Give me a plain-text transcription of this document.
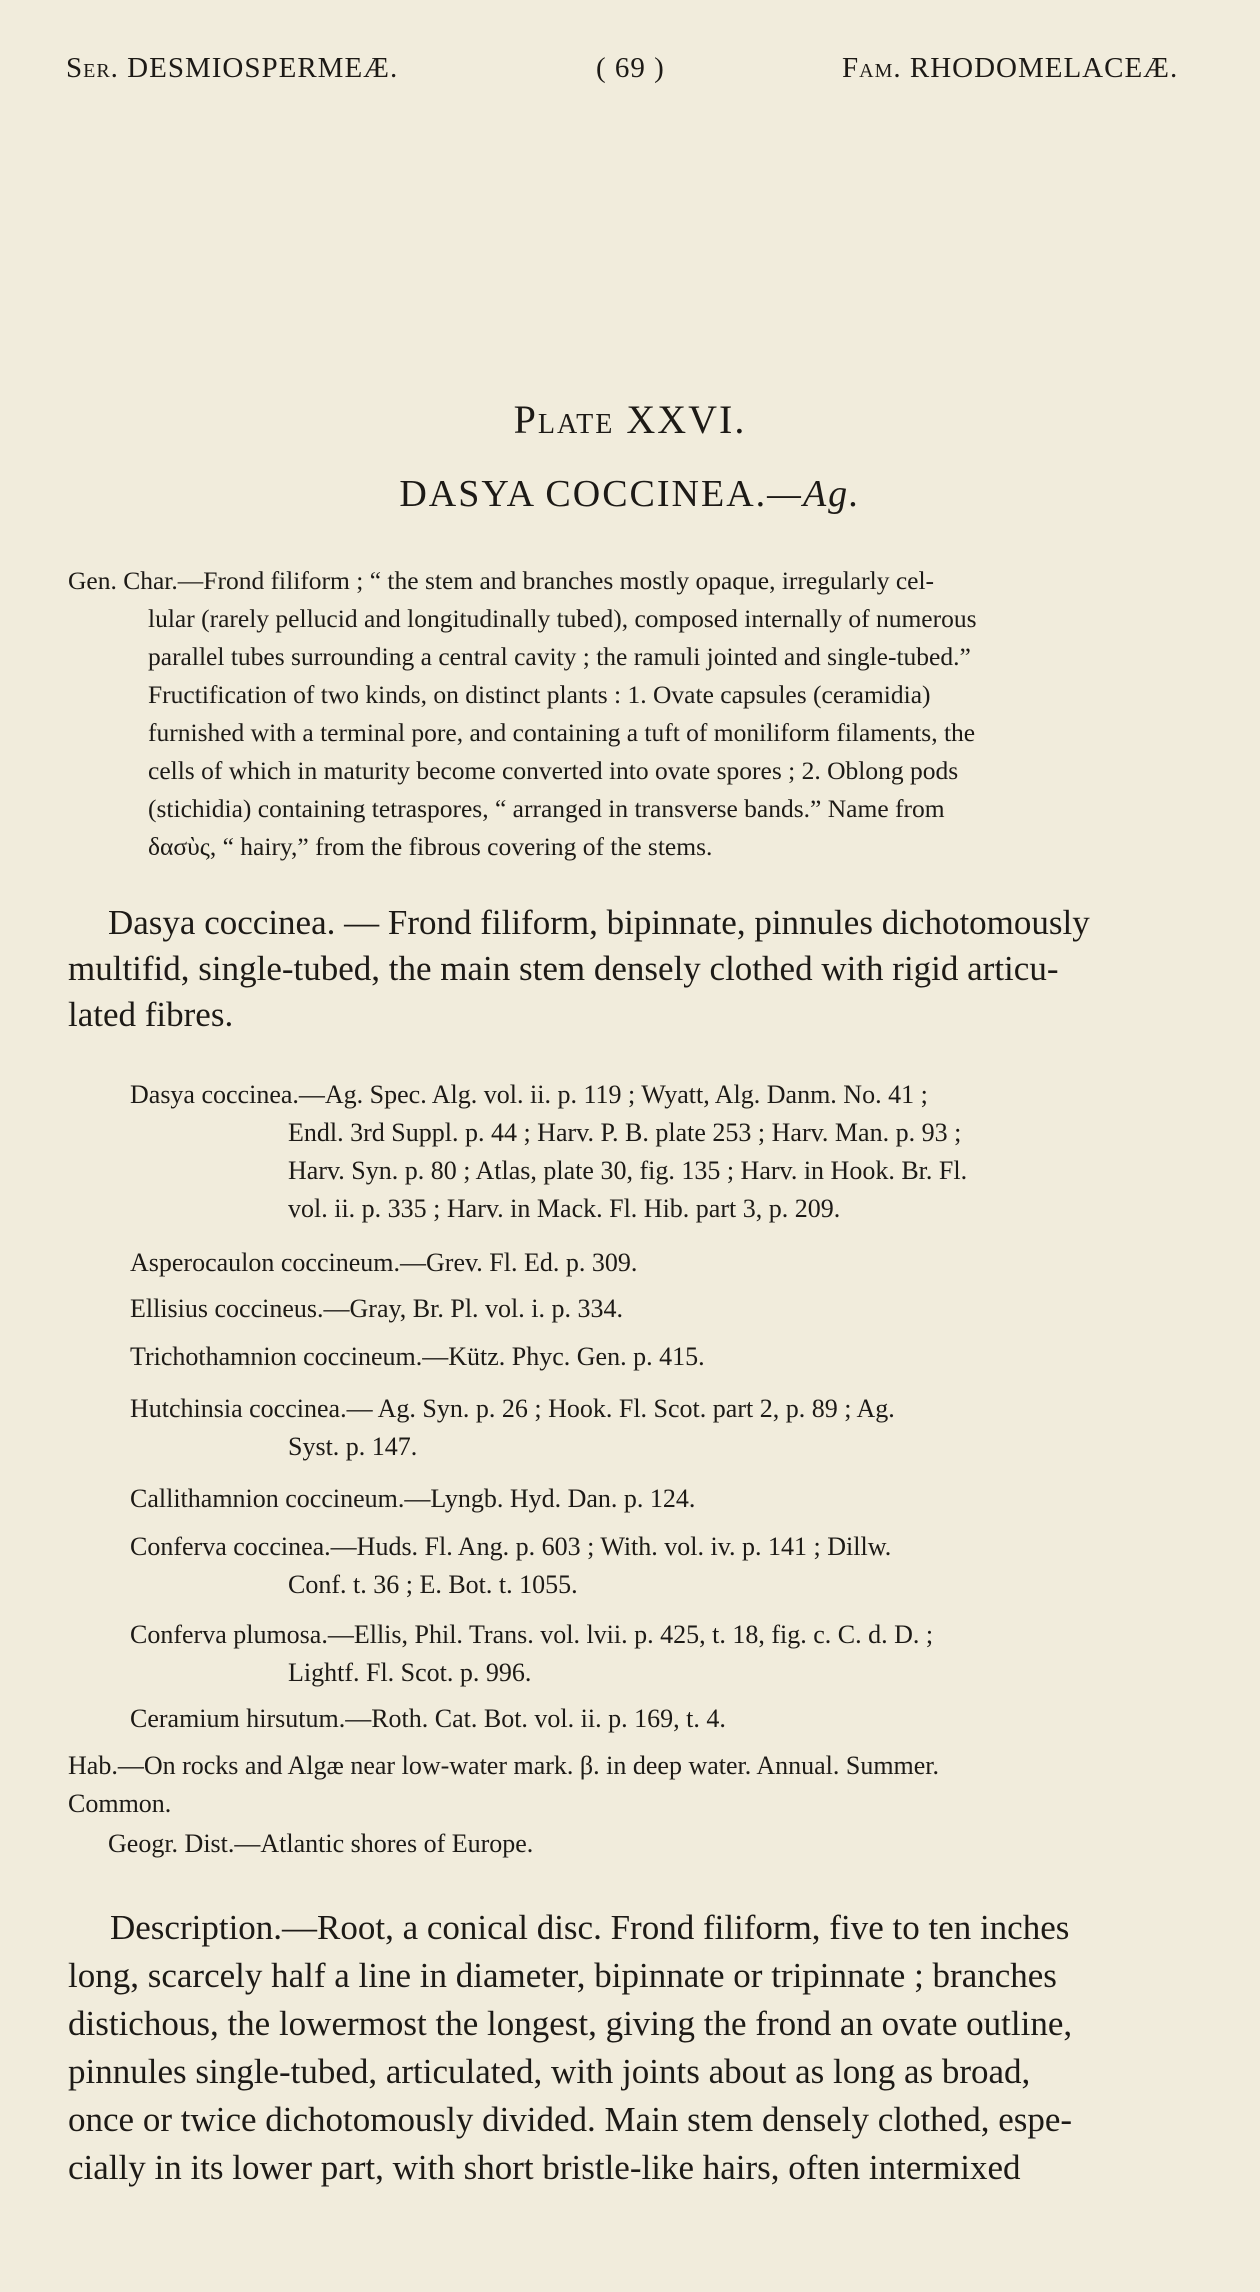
Ser. DESMIOSPERMEÆ.	( 69 )	Fam. RHODOMELACEÆ.
Plate XXVI.
DASYA COCCINEA.—Ag.
Gen. Char.—Frond filiform ; “ the stem and branches mostly opaque, irregularly cel-
lular (rarely pellucid and longitudinally tubed), composed internally of numerous
parallel tubes surrounding a central cavity ; the ramuli jointed and single-tubed.”
Fructification of two kinds, on distinct plants : 1. Ovate capsules (ceramidia)
furnished with a terminal pore, and containing a tuft of moniliform filaments, the
cells of which in maturity become converted into ovate spores ; 2. Oblong pods
(stichidia) containing tetraspores, “ arranged in transverse bands.” Name from
δασὺς, “ hairy,” from the fibrous covering of the stems.
Dasya coccinea. — Frond filiform, bipinnate, pinnules dichotomously
multifid, single-tubed, the main stem densely clothed with rigid articu-
lated fibres.
Dasya coccinea.—Ag. Spec. Alg. vol. ii. p. 119 ; Wyatt, Alg. Danm. No. 41 ;
Endl. 3rd Suppl. p. 44 ; Harv. P. B. plate 253 ; Harv. Man. p. 93 ;
Harv. Syn. p. 80 ; Atlas, plate 30, fig. 135 ; Harv. in Hook. Br. Fl.
vol. ii. p. 335 ; Harv. in Mack. Fl. Hib. part 3, p. 209.
Asperocaulon coccineum.—Grev. Fl. Ed. p. 309.
Ellisius coccineus.—Gray, Br. Pl. vol. i. p. 334.
Trichothamnion coccineum.—Kütz. Phyc. Gen. p. 415.
Hutchinsia coccinea.— Ag. Syn. p. 26 ; Hook. Fl. Scot. part 2, p. 89 ; Ag.
Syst. p. 147.
Callithamnion coccineum.—Lyngb. Hyd. Dan. p. 124.
Conferva coccinea.—Huds. Fl. Ang. p. 603 ; With. vol. iv. p. 141 ; Dillw.
Conf. t. 36 ; E. Bot. t. 1055.
Conferva plumosa.—Ellis, Phil. Trans. vol. lvii. p. 425, t. 18, fig. c. C. d. D. ;
Lightf. Fl. Scot. p. 996.
Ceramium hirsutum.—Roth. Cat. Bot. vol. ii. p. 169, t. 4.
Hab.—On rocks and Algæ near low-water mark. β. in deep water. Annual. Summer.
Common.
Geogr. Dist.—Atlantic shores of Europe.
Description.—Root, a conical disc. Frond filiform, five to ten inches
long, scarcely half a line in diameter, bipinnate or tripinnate ; branches
distichous, the lowermost the longest, giving the frond an ovate outline,
pinnules single-tubed, articulated, with joints about as long as broad,
once or twice dichotomously divided. Main stem densely clothed, espe-
cially in its lower part, with short bristle-like hairs, often intermixed
